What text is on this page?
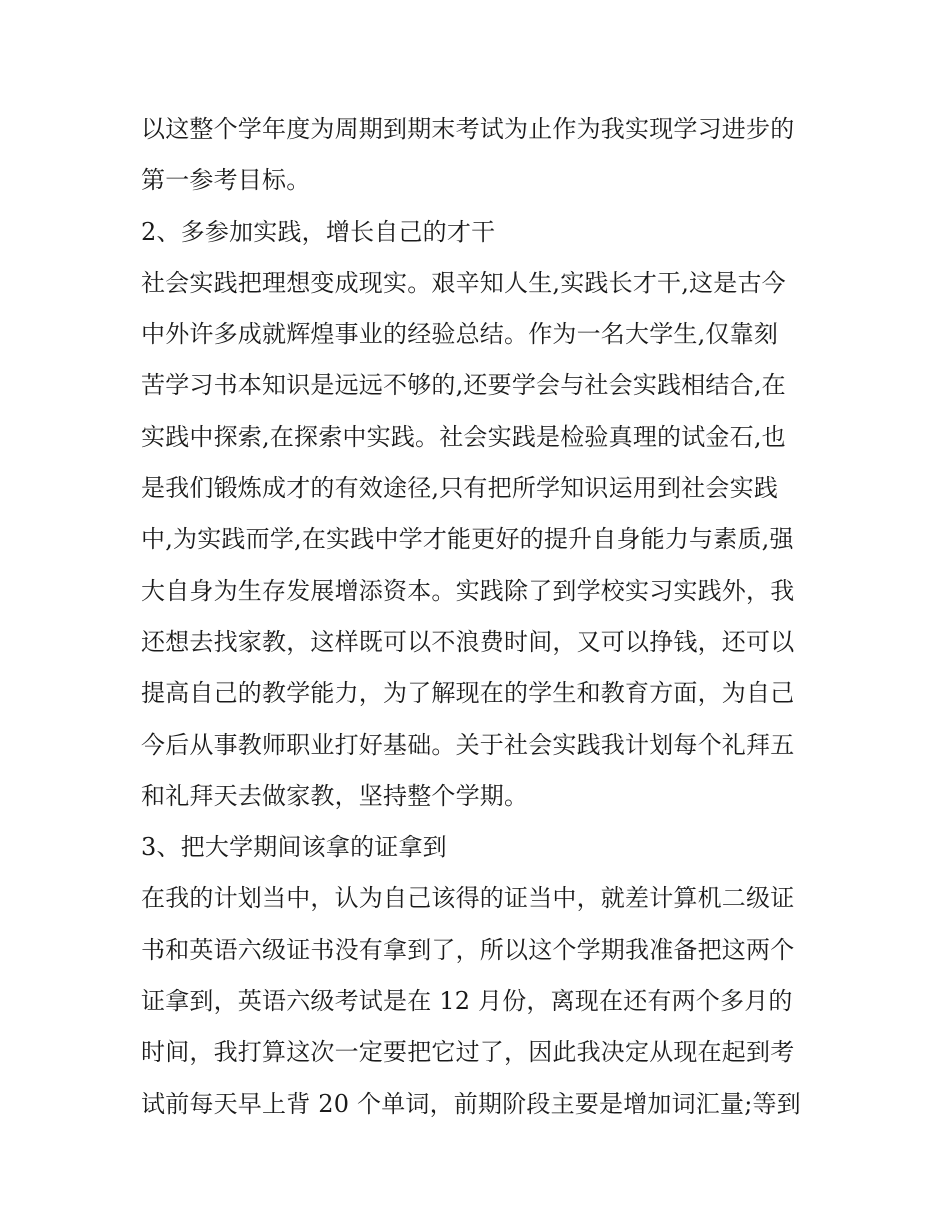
以这整个学年度为周期到期末考试为止作为我实现学习进步的
第一参考目标。
2、多参加实践，增长自己的才干
社会实践把理想变成现实。艰辛知人生,实践长才干,这是古今
中外许多成就辉煌事业的经验总结。作为一名大学生,仅靠刻
苦学习书本知识是远远不够的,还要学会与社会实践相结合,在
实践中探索,在探索中实践。社会实践是检验真理的试金石,也
是我们锻炼成才的有效途径,只有把所学知识运用到社会实践
中,为实践而学,在实践中学才能更好的提升自身能力与素质,强
大自身为生存发展增添资本。实践除了到学校实习实践外，我
还想去找家教，这样既可以不浪费时间，又可以挣钱，还可以
提高自己的教学能力，为了解现在的学生和教育方面，为自己
今后从事教师职业打好基础。关于社会实践我计划每个礼拜五
和礼拜天去做家教，坚持整个学期。
3、把大学期间该拿的证拿到
在我的计划当中，认为自己该得的证当中，就差计算机二级证
书和英语六级证书没有拿到了，所以这个学期我准备把这两个
证拿到，英语六级考试是在 12 月份，离现在还有两个多月的
时间，我打算这次一定要把它过了，因此我决定从现在起到考
试前每天早上背 20 个单词，前期阶段主要是增加词汇量;等到
